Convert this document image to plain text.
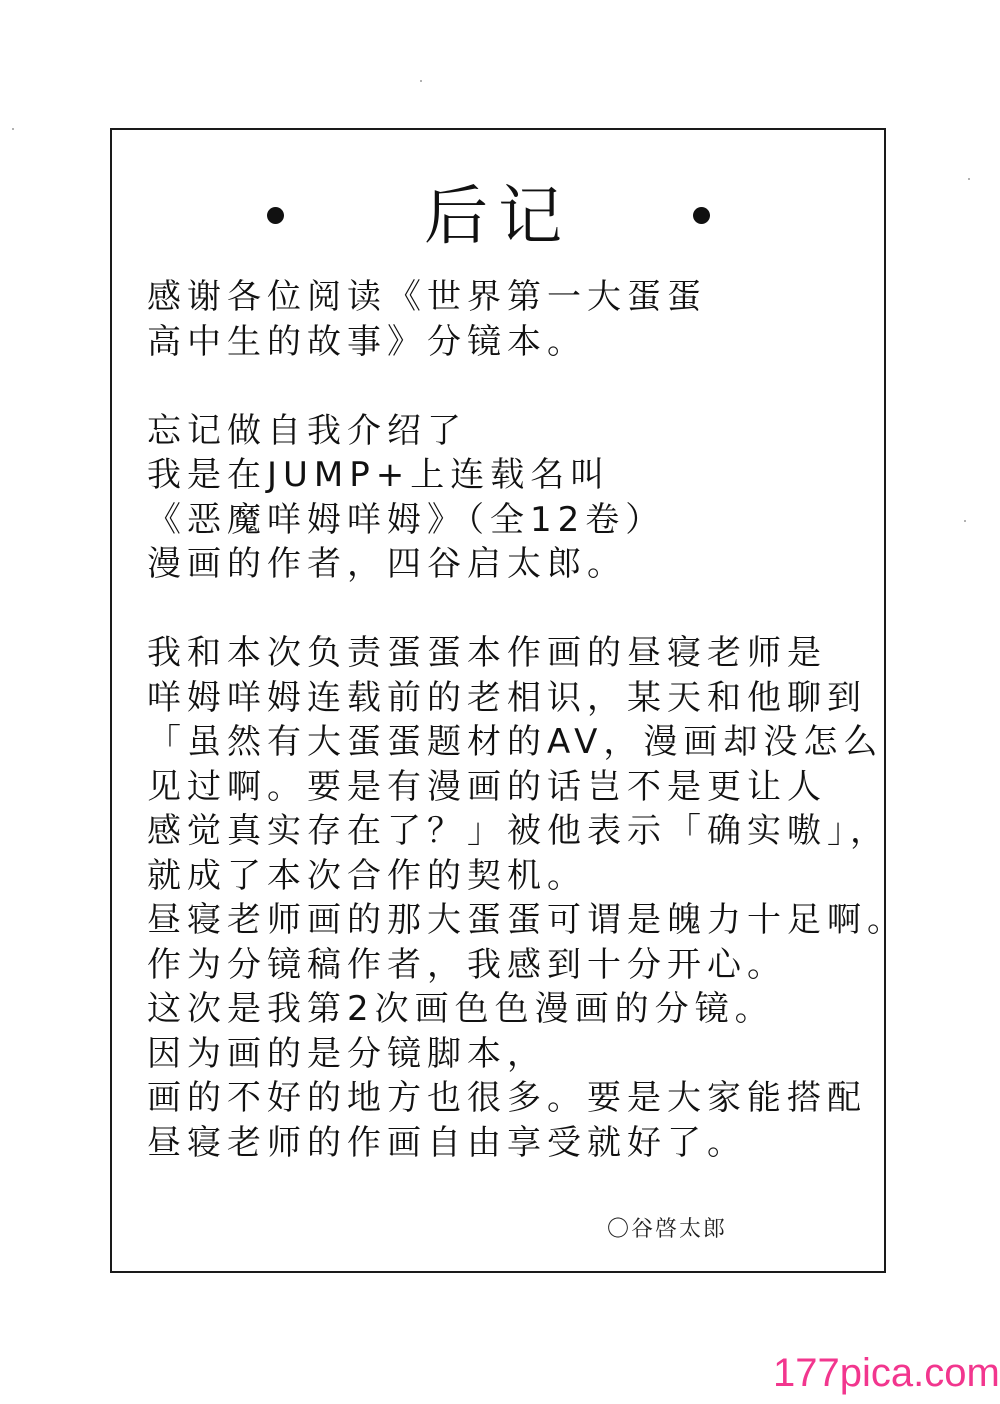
后记
感谢各位阅读《世界第一大蛋蛋
高中生的故事》分镜本。
忘记做自我介绍了
我是在JUMP+上连载名叫
《恶魔咩姆咩姆》（全12卷）
漫画的作者，四谷启太郎。
我和本次负责蛋蛋本作画的昼寝老师是
咩姆咩姆连载前的老相识，某天和他聊到
「虽然有大蛋蛋题材的AV，漫画却没怎么
见过啊。要是有漫画的话岂不是更让人
感觉真实存在了？」被他表示「确实嗷」，
就成了本次合作的契机。
昼寝老师画的那大蛋蛋可谓是魄力十足啊。
作为分镜稿作者，我感到十分开心。
这次是我第2次画色色漫画的分镜。
因为画的是分镜脚本，
画的不好的地方也很多。要是大家能搭配
昼寝老师的作画自由享受就好了。
〇谷啓太郎
177pica.com
